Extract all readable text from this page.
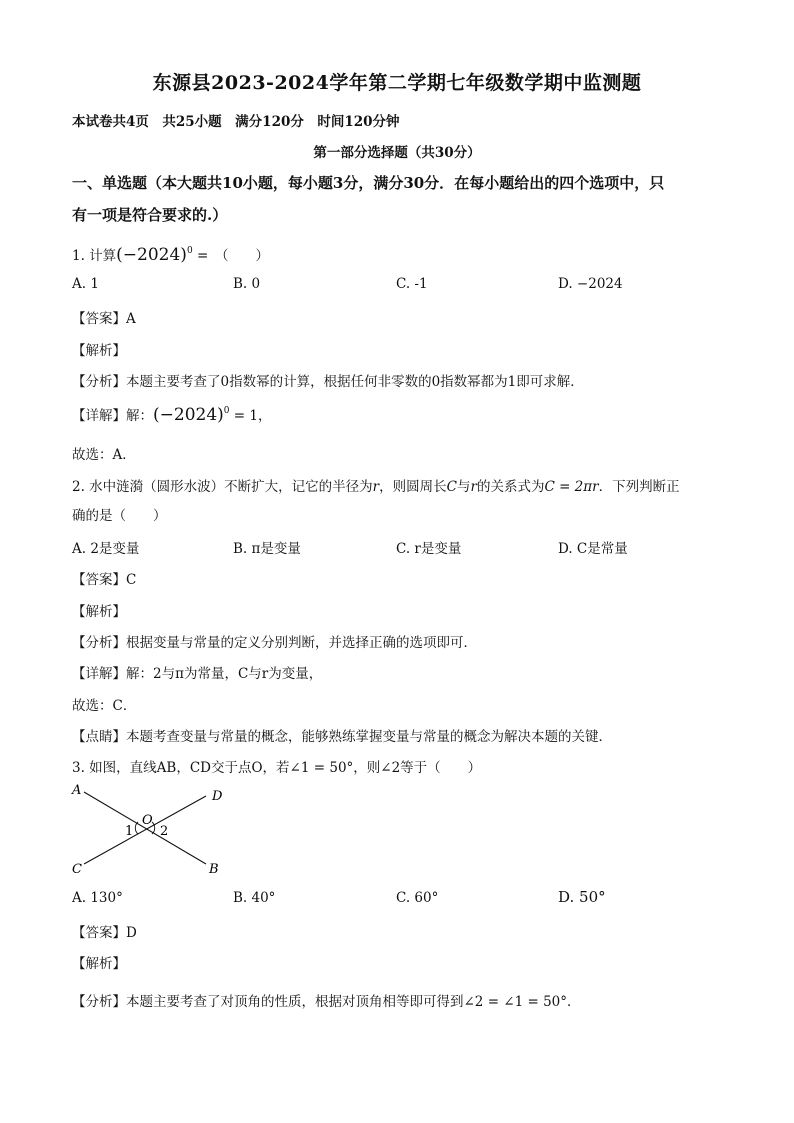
东源县2023-2024学年第二学期七年级数学期中监测题
本试卷共4页　共25小题　满分120分　时间120分钟
第一部分选择题（共30分）
一、单选题（本大题共10小题，每小题3分，满分30分．在每小题给出的四个选项中，只
有一项是符合要求的.）
1. 计算$(-2024)^0$ =　（　　）
A. 1	B. 0	C. -1	D. −2024
【答案】A
【解析】
【分析】本题主要考查了0指数幂的计算，根据任何非零数的0指数幂都为1即可求解．
【详解】解：$(-2024)^0 = 1$，
故选：A．
2. 水中涟漪（圆形水波）不断扩大，记它的半径为r，则圆周长C与r的关系式为C = 2πr．下列判断正
确的是（　　）
A. 2是变量	B. π是变量	C. r是变量	D. C是常量
【答案】C
【解析】
【分析】根据变量与常量的定义分别判断，并选择正确的选项即可．
【详解】解：2与π为常量，C与r为变量，
故选：C．
【点睛】本题考查变量与常量的概念，能够熟练掌握变量与常量的概念为解决本题的关键．
3. 如图，直线AB，CD交于点O，若∠1 = 50°，则∠2等于（　　）
A	D
C	B
O
1 2
A. 130°	B. 40°	C. 60°	D. 50°
【答案】D
【解析】
【分析】本题主要考查了对顶角的性质，根据对顶角相等即可得到∠2 = ∠1 = 50°．
